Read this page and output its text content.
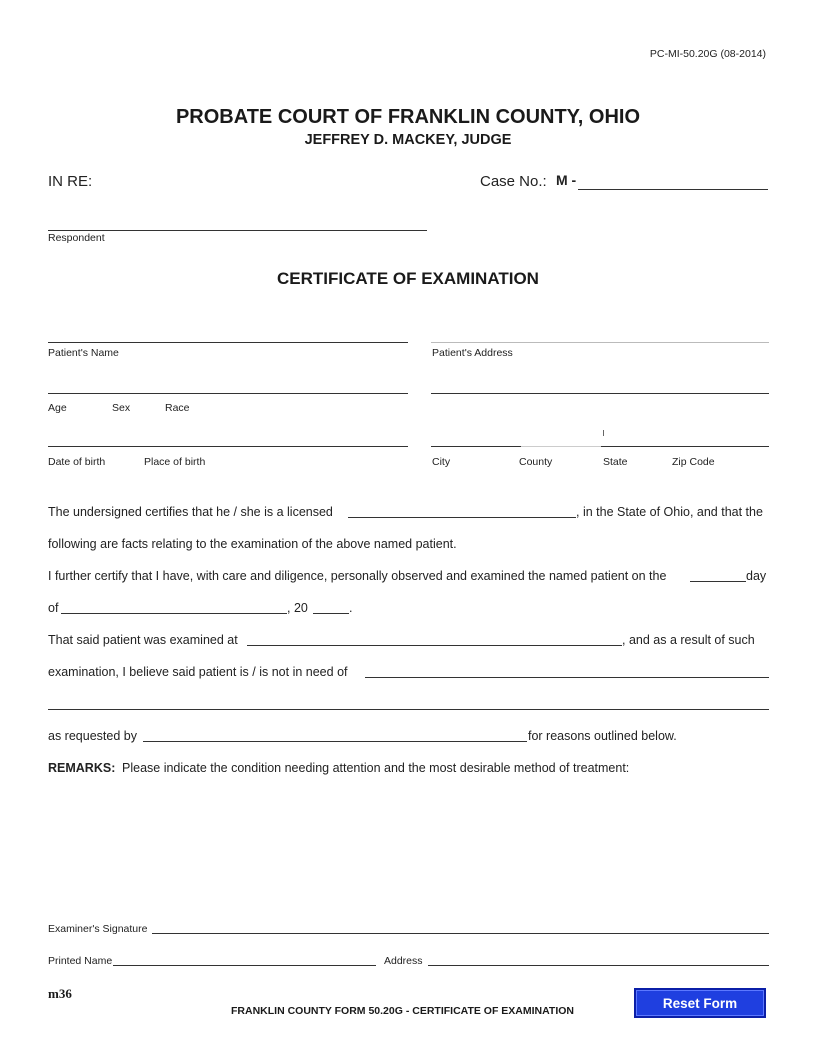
PC-MI-50.20G (08-2014)
PROBATE COURT OF FRANKLIN COUNTY, OHIO
JEFFREY D. MACKEY, JUDGE
IN RE:	Case No.: M -
Respondent
CERTIFICATE OF EXAMINATION
Patient's Name	Patient's Address
Age	Sex	Race
Date of birth	Place of birth	City	County	State	Zip Code
The undersigned certifies that he / she is a licensed	, in the State of Ohio, and that the
following are facts relating to the examination of the above named patient.
I further certify that I have, with care and diligence, personally observed and examined the named patient on the	day
of	, 20	.
That said patient was examined at	, and as a result of such
examination, I believe said patient is / is not in need of
as requested by	for reasons outlined below.
REMARKS: Please indicate the condition needing attention and the most desirable method of treatment:
Examiner's Signature
Printed Name	Address
m36
FRANKLIN COUNTY FORM 50.20G - CERTIFICATE OF EXAMINATION
Reset Form
